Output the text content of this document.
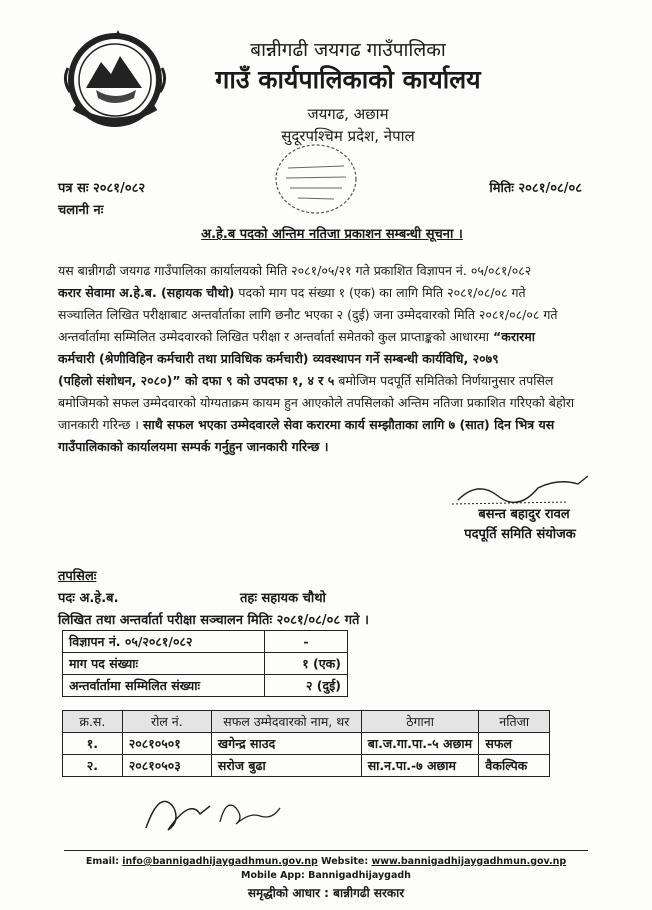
बान्नीगढी जयगढ गाउँपालिका
गाउँ कार्यपालिकाको कार्यालय
जयगढ, अछाम
सुदूरपश्चिम प्रदेश, नेपाल
पत्र सः २०८१/०८२
चलानी नः
मितिः २०८१/०८/०८
अ.हे.ब पदको अन्तिम नतिजा प्रकाशन सम्बन्धी सूचना ।
यस बान्नीगढी जयगढ गाउँपालिका कार्यालयको मिति २०८१/०५/२१ गते प्रकाशित विज्ञापन नं. ०५/०८१/०८२
करार सेवामा अ.हे.ब. (सहायक चौथो) पदको माग पद संख्या १ (एक) का लागि मिति २०८१/०८/०८ गते
सञ्चालित लिखित परीक्षाबाट अन्तर्वार्ताका लागि छनौट भएका २ (दुई) जना उम्मेदवारको मिति २०८१/०८/०८ गते
अन्तर्वार्तामा सम्मिलित उम्मेदवारको लिखित परीक्षा र अन्तर्वार्ता समेतको कुल प्राप्ताङ्कको आधारमा “करारमा
कर्मचारी (श्रेणीविहिन कर्मचारी तथा प्राविधिक कर्मचारी) व्यवस्थापन गर्ने सम्बन्धी कार्यविधि, २०७९
(पहिलो संशोधन, २०८०)” को दफा ९ को उपदफा १, ४ र ५ बमोजिम पदपूर्ति समितिको निर्णयानुसार तपसिल
बमोजिमको सफल उम्मेदवारको योग्यताक्रम कायम हुन आएकोले तपसिलको अन्तिम नतिजा प्रकाशित गरिएको बेहोरा
जानकारी गरिन्छ । साथै सफल भएका उम्मेदवारले सेवा करारमा कार्य सम्झौताका लागि ७ (सात) दिन भित्र यस
गाउँपालिकाको कार्यालयमा सम्पर्क गर्नुहुन जानकारी गरिन्छ ।
बसन्त बहादुर रावल
पदपूर्ति समिति संयोजक
तपसिलः
पदः अ.हे.ब.	तहः सहायक चौथो
लिखित तथा अन्तर्वार्ता परीक्षा सञ्चालन मितिः २०८१/०८/०८ गते ।
विज्ञापन नं. ०५/२०८१/०८२	-
माग पद संख्याः	१ (एक)
अन्तर्वार्तामा सम्मिलित संख्याः	२ (दुई)
क्र.स.	रोल नं.	सफल उम्मेदवारको नाम, थर	ठेगाना	नतिजा
१.	२०८१०५०१	खगेन्द्र साउद	बा.ज.गा.पा.-५ अछाम	सफल
२.	२०८१०५०३	सरोज बुढा	सा.न.पा.-७ अछाम	वैकल्पिक
Email: info@bannigadhijaygadhmun.gov.np Website: www.bannigadhijaygadhmun.gov.np
Mobile App: Bannigadhijaygadh
समृद्धीको आधार : बान्नीगढी सरकार
